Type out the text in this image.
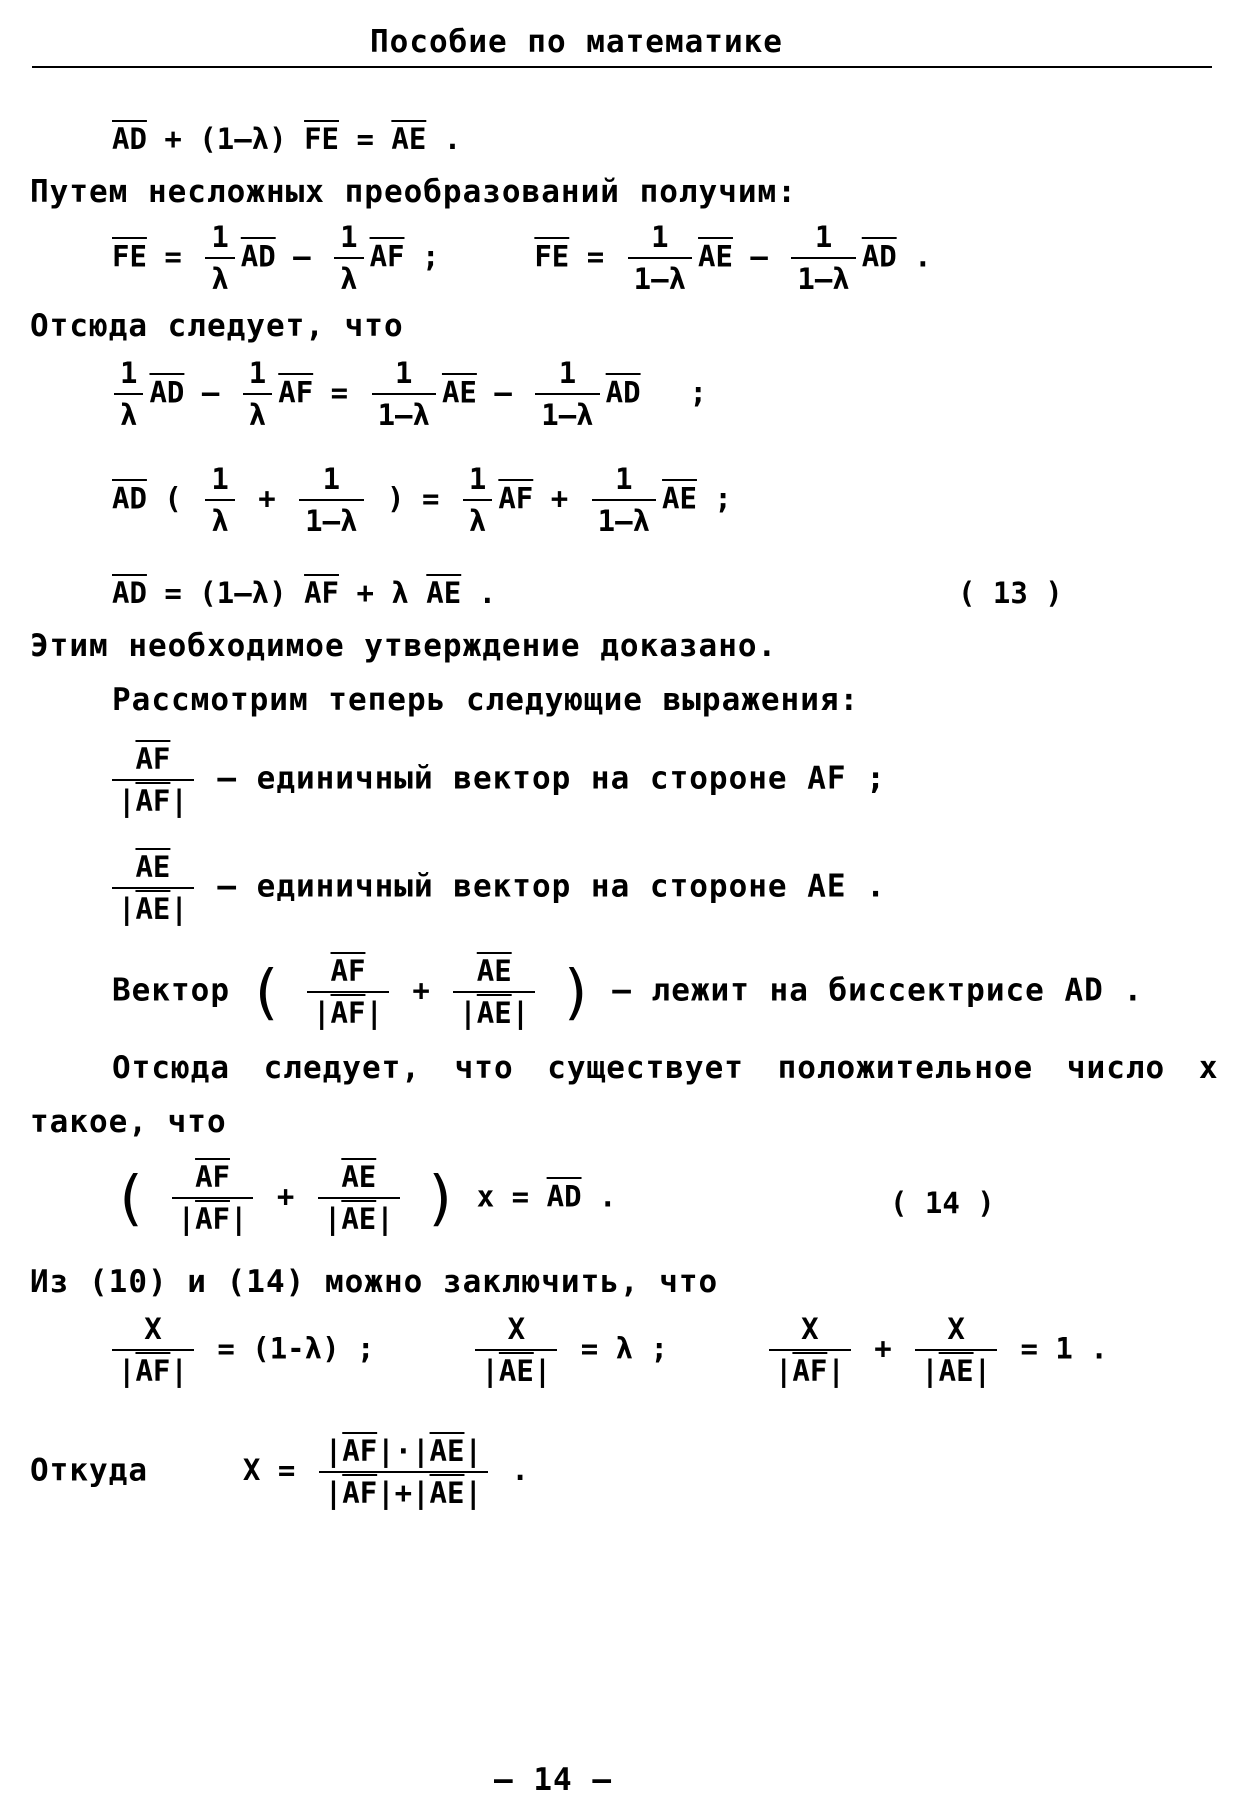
Пособие по математике
$\overline{AD} + (1-\lambda) \overline{FE} = \overline{AE}$ .
Путем несложных преобразований получим:
$\overline{FE} = \frac{1}{\lambda} \overline{AD} - \frac{1}{\lambda} \overline{AF}$ ;	$\overline{FE} = \frac{1}{1-\lambda} \overline{AE} - \frac{1}{1-\lambda} \overline{AD}$ .
Отсюда следует, что
$\frac{1}{\lambda} \overline{AD} - \frac{1}{\lambda} \overline{AF} = \frac{1}{1-\lambda} \overline{AE} - \frac{1}{1-\lambda} \overline{AD}$  ;
$\overline{AD}$ ( $\frac{1}{\lambda} + \frac{1}{1-\lambda}$ ) = $\frac{1}{\lambda} \overline{AF} + \frac{1}{1-\lambda} \overline{AE}$ ;
$\overline{AD} = (1-\lambda) \overline{AF} + \lambda$ $\overline{AE}$ .	( 13 )
Этим необходимое утверждение доказано.
Рассмотрим теперь следующие выражения:
$\frac{\overline{AF}}{|\overline{AF}|}$ – единичный вектор на стороне AF ;
$\frac{\overline{AE}}{|\overline{AE}|}$ – единичный вектор на стороне AE .
Вектор ( $\frac{\overline{AF}}{|\overline{AF}|} + \frac{\overline{AE}}{|\overline{AE}|}$ ) – лежит на биссектрисе AD .
Отсюда следует, что существует положительное число x
такое, что
( $\frac{\overline{AF}}{|\overline{AF}|} + \frac{\overline{AE}}{|\overline{AE}|}$ ) $x = \overline{AD}$ .	( 14 )
Из (10) и (14) можно заключить, что
$\frac{X}{|\overline{AF}|} = (1-\lambda)$ ;	$\frac{X}{|\overline{AE}|} = \lambda$ ;	$\frac{X}{|\overline{AF}|} + \frac{X}{|\overline{AE}|} = 1$ .
Откуда	$X = \frac{|\overline{AF}|\cdot|\overline{AE}|}{|\overline{AF}|+|\overline{AE}|}$ .
– 14 –
